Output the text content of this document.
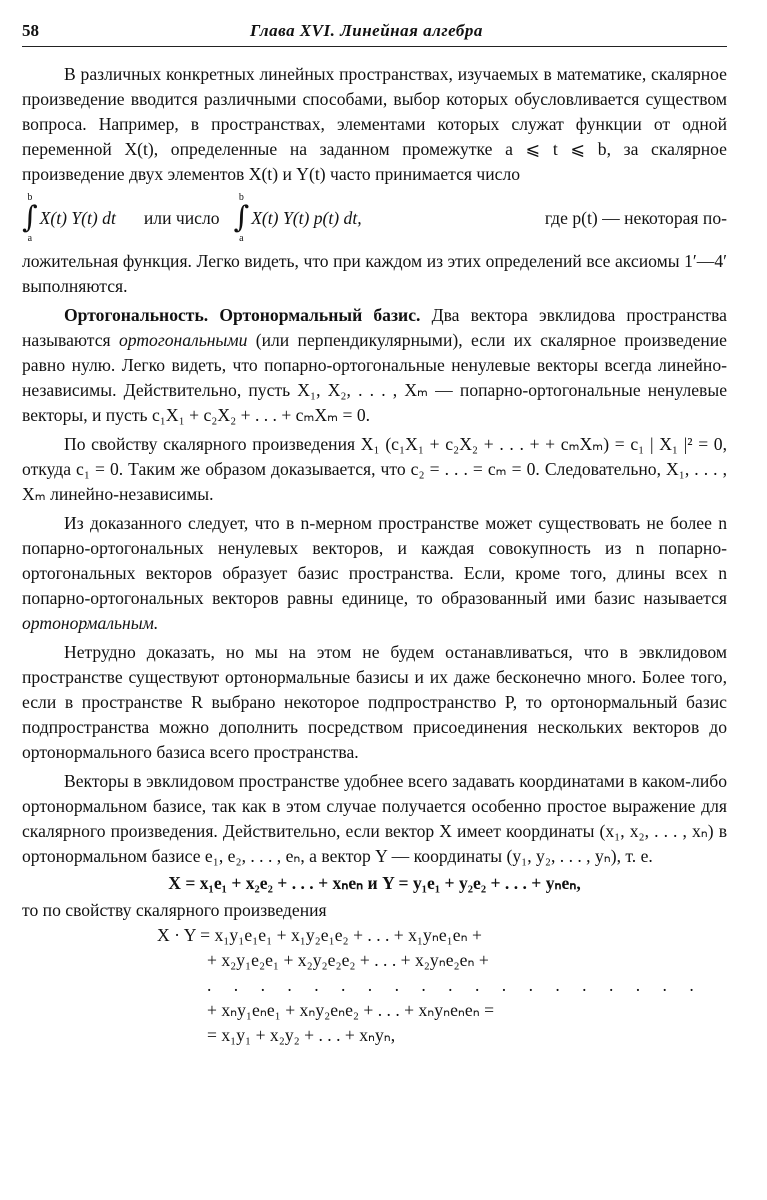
58	Глава XVI. Линейная алгебра

В различных конкретных линейных пространствах, изучаемых в математике, скалярное произведение вводится различными способами, выбор которых обусловливается существом вопроса. Например, в пространствах, элементами которых служат функции от одной переменной X(t), определенные на заданном промежутке a ⩽ t ⩽ b, за скалярное произведение двух элементов X(t) и Y(t) часто принимается число

b
∫
a
X(t) Y(t) dt или число
b
∫
a
X(t) Y(t) p(t) dt,	где p(t) — некоторая по-

ложительная функция. Легко видеть, что при каждом из этих определений все аксиомы 1′—4′ выполняются.

Ортогональность. Ортонормальный базис. Два вектора эвклидова пространства называются ортогональными (или перпендикулярными), если их скалярное произведение равно нулю. Легко видеть, что попарно-ортогональные ненулевые векторы всегда линейно-независимы. Действительно, пусть X₁, X₂, . . . , Xₘ — попарно-ортогональные ненулевые векторы, и пусть c₁X₁ + c₂X₂ + . . . + cₘXₘ = 0.

По свойству скалярного произведения X₁ (c₁X₁ + c₂X₂ + . . . + + cₘXₘ) = c₁ | X₁ |² = 0, откуда c₁ = 0. Таким же образом доказывается, что c₂ = . . . = cₘ = 0. Следовательно, X₁, . . . , Xₘ линейно-независимы.

Из доказанного следует, что в n-мерном пространстве может существовать не более n попарно-ортогональных ненулевых векторов, и каждая совокупность из n попарно-ортогональных векторов образует базис пространства. Если, кроме того, длины всех n попарно-ортогональных векторов равны единице, то образованный ими базис называется ортонормальным.

Нетрудно доказать, но мы на этом не будем останавливаться, что в эвклидовом пространстве существуют ортонормальные базисы и их даже бесконечно много. Более того, если в пространстве R выбрано некоторое подпространство P, то ортонормальный базис подпространства можно дополнить посредством присоединения нескольких векторов до ортонормального базиса всего пространства.

Векторы в эвклидовом пространстве удобнее всего задавать координатами в каком-либо ортонормальном базисе, так как в этом случае получается особенно простое выражение для скалярного произведения. Действительно, если вектор X имеет координаты (x₁, x₂, . . . , xₙ) в ортонормальном базисе e₁, e₂, . . . , eₙ, а вектор Y — координаты (y₁, y₂, . . . , yₙ), т. е.

X = x₁e₁ + x₂e₂ + . . . + xₙeₙ и Y = y₁e₁ + y₂e₂ + . . . + yₙeₙ,

то по свойству скалярного произведения

X · Y = x₁y₁e₁e₁ + x₁y₂e₁e₂ + . . . + x₁yₙe₁eₙ +
+ x₂y₁e₂e₁ + x₂y₂e₂e₂ + . . . + x₂yₙe₂eₙ +
. . . . . . . . . . . . . . . . . . .
+ xₙy₁eₙe₁ + xₙy₂eₙe₂ + . . . + xₙyₙeₙeₙ =
= x₁y₁ + x₂y₂ + . . . + xₙyₙ,
